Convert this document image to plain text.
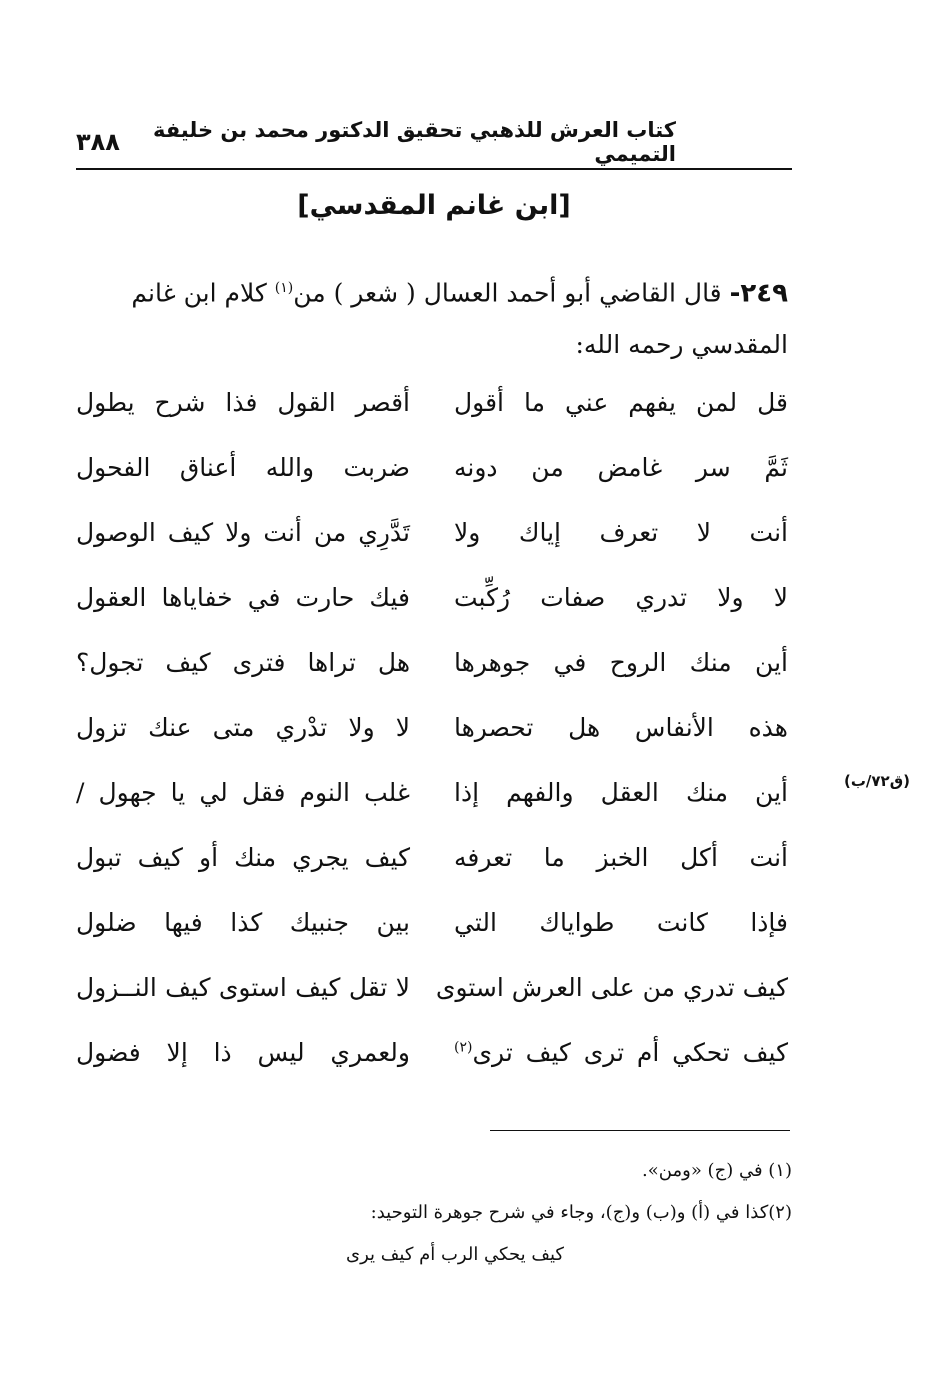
كتاب العرش للذهبي تحقيق الدكتور محمد بن خليفة التميمي
٣٨٨
[ابن غانم المقدسي]
٢٤٩- قال القاضي أبو أحمد العسال ( شعر ) من$^{(١)}$ كلام ابن غانم المقدسي رحمه الله:
قل لمن يفهم عني ما أقول
أقصر القول فذا شرح يطول
ثَمَّ سر غامض من دونه
ضربت والله أعناق الفحول
أنت لا تعرف إياك ولا
تَدَّرِي من أنت ولا كيف الوصول
لا ولا تدري صفات رُكِّبت
فيك حارت في خفاياها العقول
أين منك الروح في جوهرها
هل تراها فترى كيف تجول؟
هذه الأنفاس هل تحصرها
لا ولا تدْري متى عنك تزول
أين منك العقل والفهم إذا
غلب النوم فقل لي يا جهول /
أنت أكل الخبز ما تعرفه
كيف يجري منك أو كيف تبول
فإذا كانت طواياك التي
بين جنبيك كذا فيها ضلول
كيف تدري من على العرش استوى
لا تقل كيف استوى كيف النــزول
كيف تحكي أم ترى كيف ترى$^{(٢)}$
ولعمري ليس ذا إلا فضول
(ق٧٢/ب)
(١) في (ج) «ومن».
(٢)كذا في (أ) و(ب) و(ج)، وجاء في شرح جوهرة التوحيد:
كيف يحكي الرب أم كيف يرى
